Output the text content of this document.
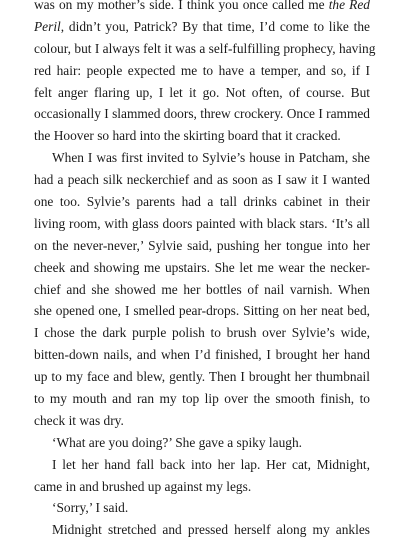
was on my mother’s side. I think you once called me the Red
Peril, didn’t you, Patrick? By that time, I’d come to like the
colour, but I always felt it was a self-fulfilling prophecy, having
red hair: people expected me to have a temper, and so, if I
felt anger flaring up, I let it go. Not often, of course. But
occasionally I slammed doors, threw crockery. Once I rammed
the Hoover so hard into the skirting board that it cracked.
When I was first invited to Sylvie’s house in Patcham, she
had a peach silk neckerchief and as soon as I saw it I wanted
one too. Sylvie’s parents had a tall drinks cabinet in their
living room, with glass doors painted with black stars. ‘It’s all
on the never-never,’ Sylvie said, pushing her tongue into her
cheek and showing me upstairs. She let me wear the necker-
chief and she showed me her bottles of nail varnish. When
she opened one, I smelled pear-drops. Sitting on her neat bed,
I chose the dark purple polish to brush over Sylvie’s wide,
bitten-down nails, and when I’d finished, I brought her hand
up to my face and blew, gently. Then I brought her thumbnail
to my mouth and ran my top lip over the smooth finish, to
check it was dry.
‘What are you doing?’ She gave a spiky laugh.
I let her hand fall back into her lap. Her cat, Midnight,
came in and brushed up against my legs.
‘Sorry,’ I said.
Midnight stretched and pressed herself along my ankles
